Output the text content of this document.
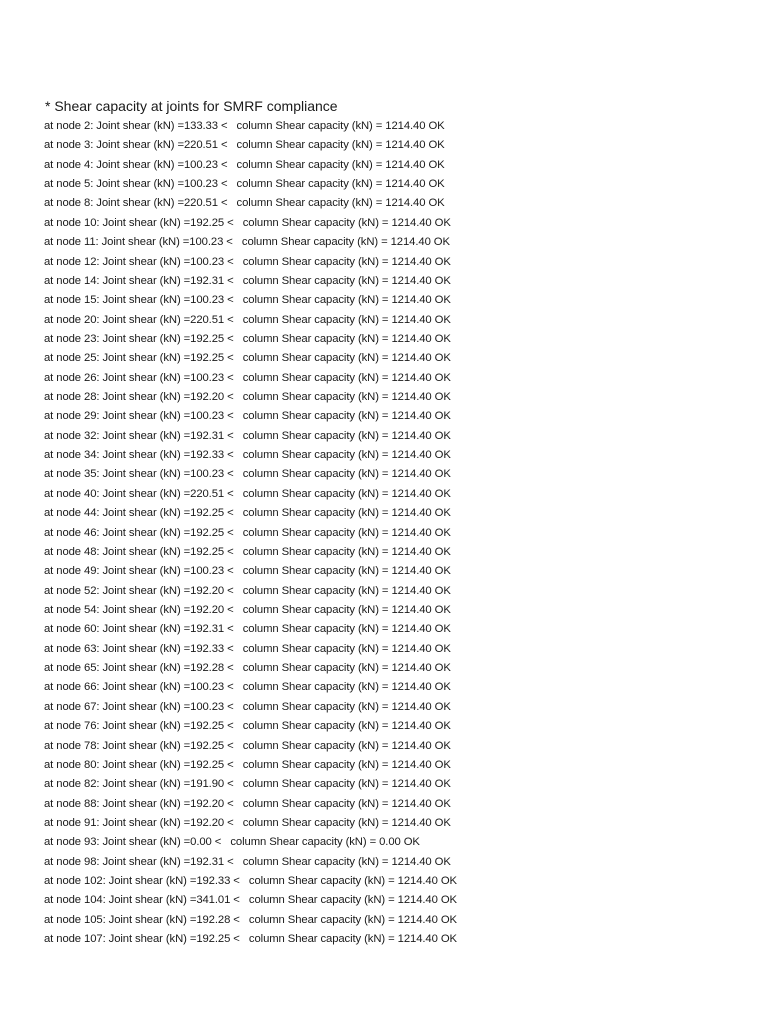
* Shear capacity at joints for SMRF compliance
at node 2: Joint shear (kN) =133.33 <   column Shear capacity (kN) = 1214.40 OK
at node 3: Joint shear (kN) =220.51 <   column Shear capacity (kN) = 1214.40 OK
at node 4: Joint shear (kN) =100.23 <   column Shear capacity (kN) = 1214.40 OK
at node 5: Joint shear (kN) =100.23 <   column Shear capacity (kN) = 1214.40 OK
at node 8: Joint shear (kN) =220.51 <   column Shear capacity (kN) = 1214.40 OK
at node 10: Joint shear (kN) =192.25 <   column Shear capacity (kN) = 1214.40 OK
at node 11: Joint shear (kN) =100.23 <   column Shear capacity (kN) = 1214.40 OK
at node 12: Joint shear (kN) =100.23 <   column Shear capacity (kN) = 1214.40 OK
at node 14: Joint shear (kN) =192.31 <   column Shear capacity (kN) = 1214.40 OK
at node 15: Joint shear (kN) =100.23 <   column Shear capacity (kN) = 1214.40 OK
at node 20: Joint shear (kN) =220.51 <   column Shear capacity (kN) = 1214.40 OK
at node 23: Joint shear (kN) =192.25 <   column Shear capacity (kN) = 1214.40 OK
at node 25: Joint shear (kN) =192.25 <   column Shear capacity (kN) = 1214.40 OK
at node 26: Joint shear (kN) =100.23 <   column Shear capacity (kN) = 1214.40 OK
at node 28: Joint shear (kN) =192.20 <   column Shear capacity (kN) = 1214.40 OK
at node 29: Joint shear (kN) =100.23 <   column Shear capacity (kN) = 1214.40 OK
at node 32: Joint shear (kN) =192.31 <   column Shear capacity (kN) = 1214.40 OK
at node 34: Joint shear (kN) =192.33 <   column Shear capacity (kN) = 1214.40 OK
at node 35: Joint shear (kN) =100.23 <   column Shear capacity (kN) = 1214.40 OK
at node 40: Joint shear (kN) =220.51 <   column Shear capacity (kN) = 1214.40 OK
at node 44: Joint shear (kN) =192.25 <   column Shear capacity (kN) = 1214.40 OK
at node 46: Joint shear (kN) =192.25 <   column Shear capacity (kN) = 1214.40 OK
at node 48: Joint shear (kN) =192.25 <   column Shear capacity (kN) = 1214.40 OK
at node 49: Joint shear (kN) =100.23 <   column Shear capacity (kN) = 1214.40 OK
at node 52: Joint shear (kN) =192.20 <   column Shear capacity (kN) = 1214.40 OK
at node 54: Joint shear (kN) =192.20 <   column Shear capacity (kN) = 1214.40 OK
at node 60: Joint shear (kN) =192.31 <   column Shear capacity (kN) = 1214.40 OK
at node 63: Joint shear (kN) =192.33 <   column Shear capacity (kN) = 1214.40 OK
at node 65: Joint shear (kN) =192.28 <   column Shear capacity (kN) = 1214.40 OK
at node 66: Joint shear (kN) =100.23 <   column Shear capacity (kN) = 1214.40 OK
at node 67: Joint shear (kN) =100.23 <   column Shear capacity (kN) = 1214.40 OK
at node 76: Joint shear (kN) =192.25 <   column Shear capacity (kN) = 1214.40 OK
at node 78: Joint shear (kN) =192.25 <   column Shear capacity (kN) = 1214.40 OK
at node 80: Joint shear (kN) =192.25 <   column Shear capacity (kN) = 1214.40 OK
at node 82: Joint shear (kN) =191.90 <   column Shear capacity (kN) = 1214.40 OK
at node 88: Joint shear (kN) =192.20 <   column Shear capacity (kN) = 1214.40 OK
at node 91: Joint shear (kN) =192.20 <   column Shear capacity (kN) = 1214.40 OK
at node 93: Joint shear (kN) =0.00 <   column Shear capacity (kN) = 0.00 OK
at node 98: Joint shear (kN) =192.31 <   column Shear capacity (kN) = 1214.40 OK
at node 102: Joint shear (kN) =192.33 <   column Shear capacity (kN) = 1214.40 OK
at node 104: Joint shear (kN) =341.01 <   column Shear capacity (kN) = 1214.40 OK
at node 105: Joint shear (kN) =192.28 <   column Shear capacity (kN) = 1214.40 OK
at node 107: Joint shear (kN) =192.25 <   column Shear capacity (kN) = 1214.40 OK
